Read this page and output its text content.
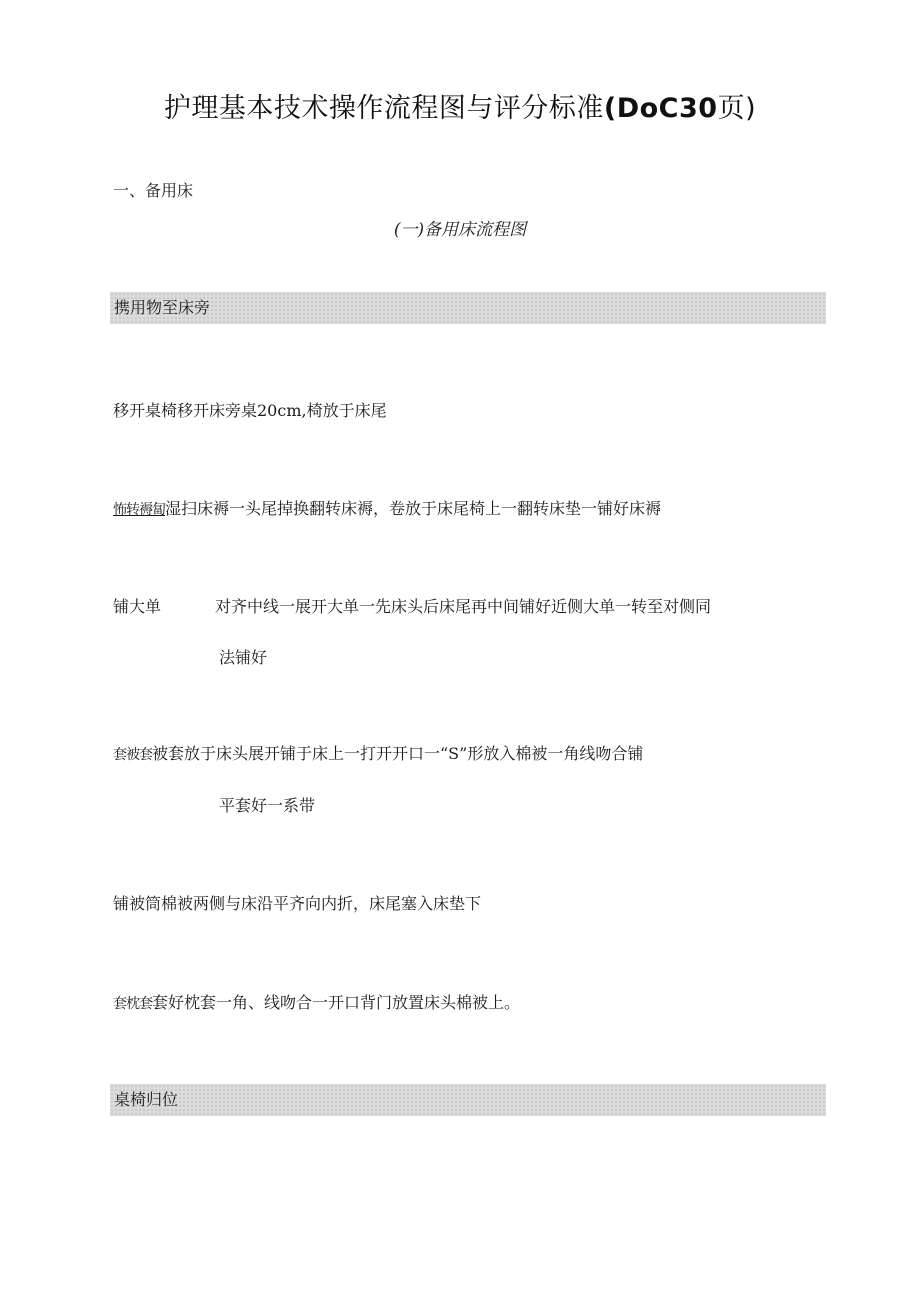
护理基本技术操作流程图与评分标准(DoC30页)
一、备用床
(一)备用床流程图
携用物至床旁
移开桌椅移开床旁桌20cm,椅放于床尾
怖转褥匐湿扫床褥一头尾掉换翻转床褥，卷放于床尾椅上一翻转床垫一铺好床褥
铺大单	对齐中线一展开大单一先床头后床尾再中间铺好近侧大单一转至对侧同
法铺好
套被套被套放于床头展开铺于床上一打开开口一“S”形放入棉被一角线吻合铺
平套好一系带
铺被筒棉被两侧与床沿平齐向内折，床尾塞入床垫下
套枕套套好枕套一角、线吻合一开口背门放置床头棉被上。
桌椅归位
